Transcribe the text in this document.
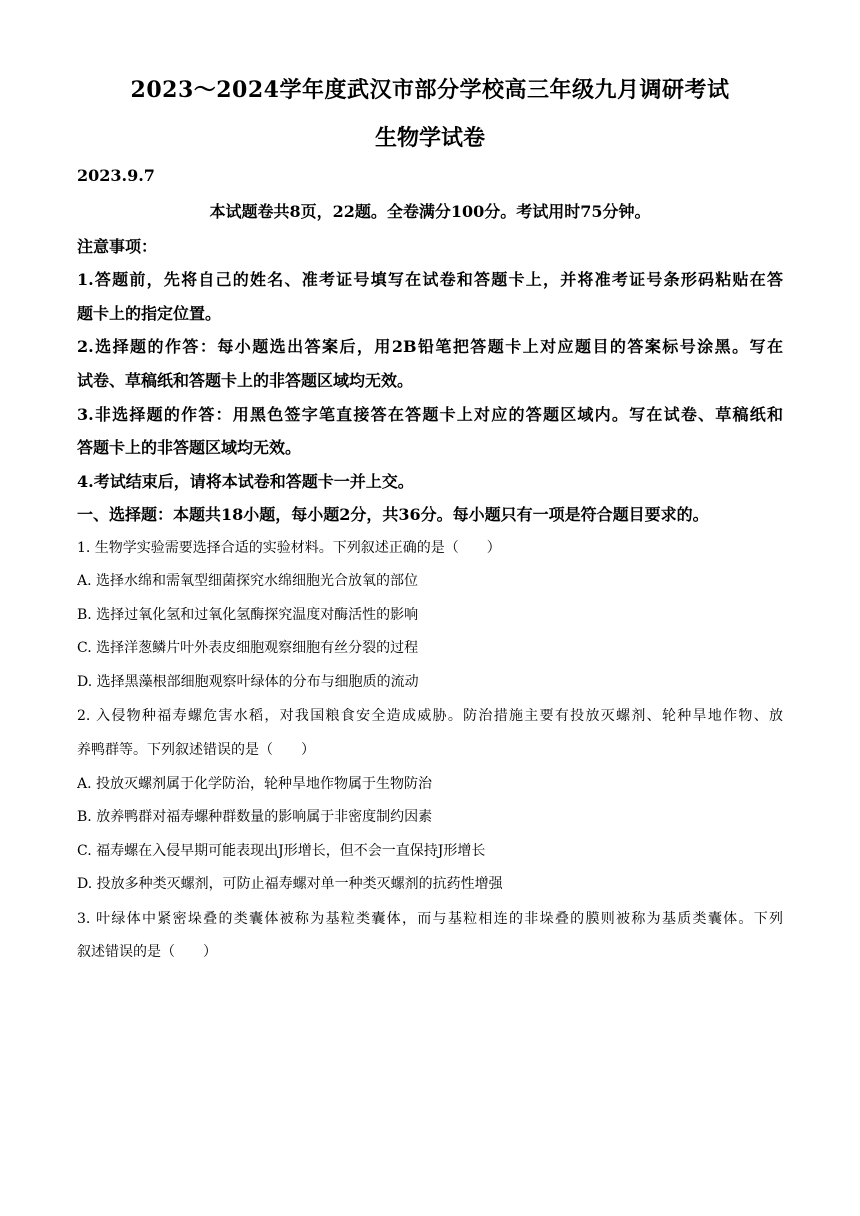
2023～2024学年度武汉市部分学校高三年级九月调研考试
生物学试卷
2023.9.7
本试题卷共8页，22题。全卷满分100分。考试用时75分钟。
注意事项：
1.答题前，先将自己的姓名、准考证号填写在试卷和答题卡上，并将准考证号条形码粘贴在答
题卡上的指定位置。
2.选择题的作答：每小题选出答案后，用2B铅笔把答题卡上对应题目的答案标号涂黑。写在
试卷、草稿纸和答题卡上的非答题区域均无效。
3.非选择题的作答：用黑色签字笔直接答在答题卡上对应的答题区域内。写在试卷、草稿纸和
答题卡上的非答题区域均无效。
4.考试结束后，请将本试卷和答题卡一并上交。
一、选择题：本题共18小题，每小题2分，共36分。每小题只有一项是符合题目要求的。
1. 生物学实验需要选择合适的实验材料。下列叙述正确的是（　　）
A. 选择水绵和需氧型细菌探究水绵细胞光合放氧的部位
B. 选择过氧化氢和过氧化氢酶探究温度对酶活性的影响
C. 选择洋葱鳞片叶外表皮细胞观察细胞有丝分裂的过程
D. 选择黑藻根部细胞观察叶绿体的分布与细胞质的流动
2. 入侵物种福寿螺危害水稻，对我国粮食安全造成威胁。防治措施主要有投放灭螺剂、轮种旱地作物、放
养鸭群等。下列叙述错误的是（　　）
A. 投放灭螺剂属于化学防治，轮种旱地作物属于生物防治
B. 放养鸭群对福寿螺种群数量的影响属于非密度制约因素
C. 福寿螺在入侵早期可能表现出J形增长，但不会一直保持J形增长
D. 投放多种类灭螺剂，可防止福寿螺对单一种类灭螺剂的抗药性增强
3. 叶绿体中紧密垛叠的类囊体被称为基粒类囊体，而与基粒相连的非垛叠的膜则被称为基质类囊体。下列
叙述错误的是（　　）
